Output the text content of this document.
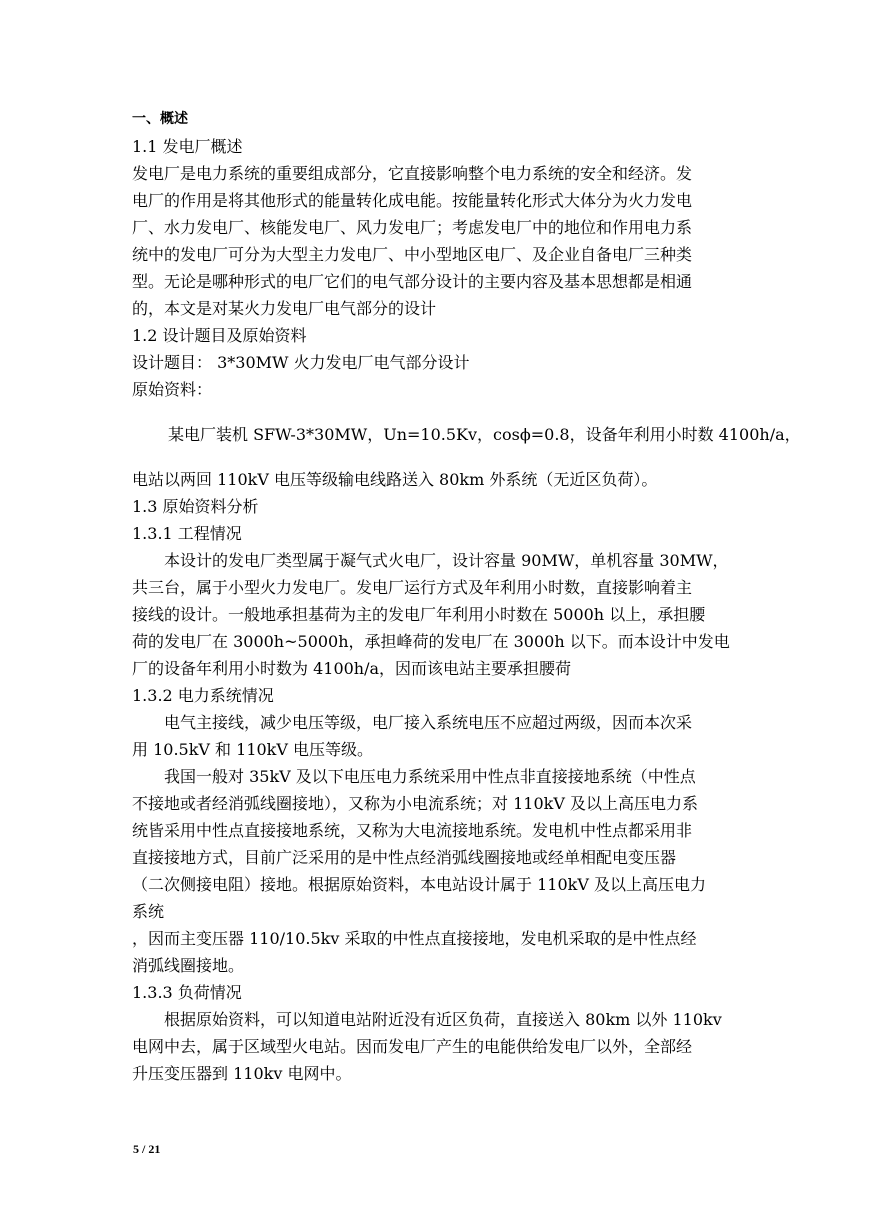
一、概述
1.1 发电厂概述
发电厂是电力系统的重要组成部分，它直接影响整个电力系统的安全和经济。发
电厂的作用是将其他形式的能量转化成电能。按能量转化形式大体分为火力发电
厂、水力发电厂、核能发电厂、风力发电厂；考虑发电厂中的地位和作用电力系
统中的发电厂可分为大型主力发电厂、中小型地区电厂、及企业自备电厂三种类
型。无论是哪种形式的电厂它们的电气部分设计的主要内容及基本思想都是相通
的，本文是对某火力发电厂电气部分的设计
1.2 设计题目及原始资料
设计题目： 3*30MW 火力发电厂电气部分设计
原始资料：
某电厂装机 SFW-3*30MW，Un=10.5Kv，cosϕ=0.8，设备年利用小时数 4100h/a，
电站以两回 110kV 电压等级输电线路送入 80km 外系统（无近区负荷）。
1.3 原始资料分析
1.3.1 工程情况
本设计的发电厂类型属于凝气式火电厂，设计容量 90MW，单机容量 30MW，
共三台，属于小型火力发电厂。发电厂运行方式及年利用小时数，直接影响着主
接线的设计。一般地承担基荷为主的发电厂年利用小时数在 5000h 以上，承担腰
荷的发电厂在 3000h~5000h，承担峰荷的发电厂在 3000h 以下。而本设计中发电
厂的设备年利用小时数为 4100h/a，因而该电站主要承担腰荷
1.3.2 电力系统情况
电气主接线，减少电压等级，电厂接入系统电压不应超过两级，因而本次采
用 10.5kV 和 110kV 电压等级。
我国一般对 35kV 及以下电压电力系统采用中性点非直接接地系统（中性点
不接地或者经消弧线圈接地），又称为小电流系统；对 110kV 及以上高压电力系
统皆采用中性点直接接地系统，又称为大电流接地系统。发电机中性点都采用非
直接接地方式，目前广泛采用的是中性点经消弧线圈接地或经单相配电变压器
（二次侧接电阻）接地。根据原始资料，本电站设计属于 110kV 及以上高压电力
系统
，因而主变压器 110/10.5kv 采取的中性点直接接地，发电机采取的是中性点经
消弧线圈接地。
1.3.3 负荷情况
根据原始资料，可以知道电站附近没有近区负荷，直接送入 80km 以外 110kv
电网中去，属于区域型火电站。因而发电厂产生的电能供给发电厂以外，全部经
升压变压器到 110kv 电网中。
5 / 21
